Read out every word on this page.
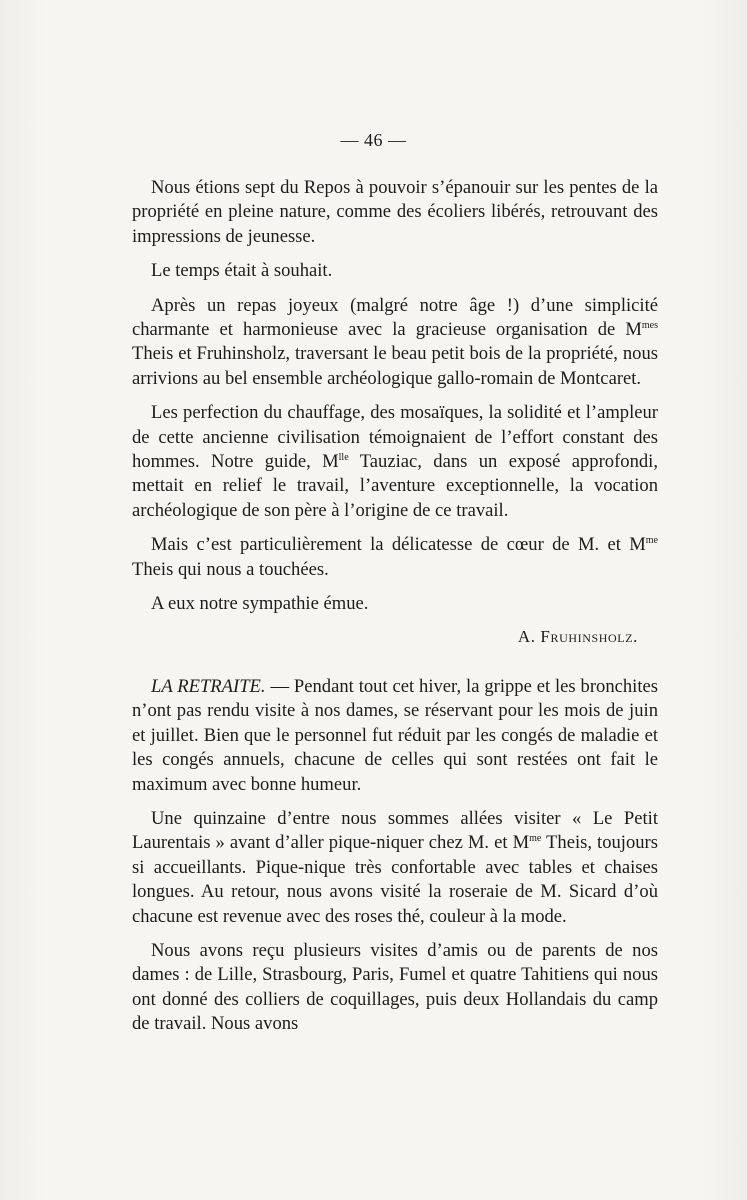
— 46 —

Nous étions sept du Repos à pouvoir s’épanouir sur les pentes de la propriété en pleine nature, comme des écoliers libérés, retrouvant des impressions de jeunesse.

Le temps était à souhait.

Après un repas joyeux (malgré notre âge !) d’une simplicité charmante et harmonieuse avec la gracieuse organisation de $M^{mes}$ Theis et Fruhinsholz, traversant le beau petit bois de la propriété, nous arrivions au bel ensemble archéologique gallo-romain de Montcaret.

Les perfection du chauffage, des mosaïques, la solidité et l’ampleur de cette ancienne civilisation témoignaient de l’effort constant des hommes. Notre guide, $M^{lle}$ Tauziac, dans un exposé approfondi, mettait en relief le travail, l’aventure exceptionnelle, la vocation archéologique de son père à l’origine de ce travail.

Mais c’est particulièrement la délicatesse de cœur de M. et $M^{me}$ Theis qui nous a touchées.

A eux notre sympathie émue.

A. Fruhinsholz.

LA RETRAITE. — Pendant tout cet hiver, la grippe et les bronchites n’ont pas rendu visite à nos dames, se réservant pour les mois de juin et juillet. Bien que le personnel fut réduit par les congés de maladie et les congés annuels, chacune de celles qui sont restées ont fait le maximum avec bonne humeur.

Une quinzaine d’entre nous sommes allées visiter « Le Petit Laurentais » avant d’aller pique-niquer chez M. et $M^{me}$ Theis, toujours si accueillants. Pique-nique très confortable avec tables et chaises longues. Au retour, nous avons visité la roseraie de M. Sicard d’où chacune est revenue avec des roses thé, couleur à la mode.

Nous avons reçu plusieurs visites d’amis ou de parents de nos dames : de Lille, Strasbourg, Paris, Fumel et quatre Tahitiens qui nous ont donné des colliers de coquillages, puis deux Hollandais du camp de travail. Nous avons
